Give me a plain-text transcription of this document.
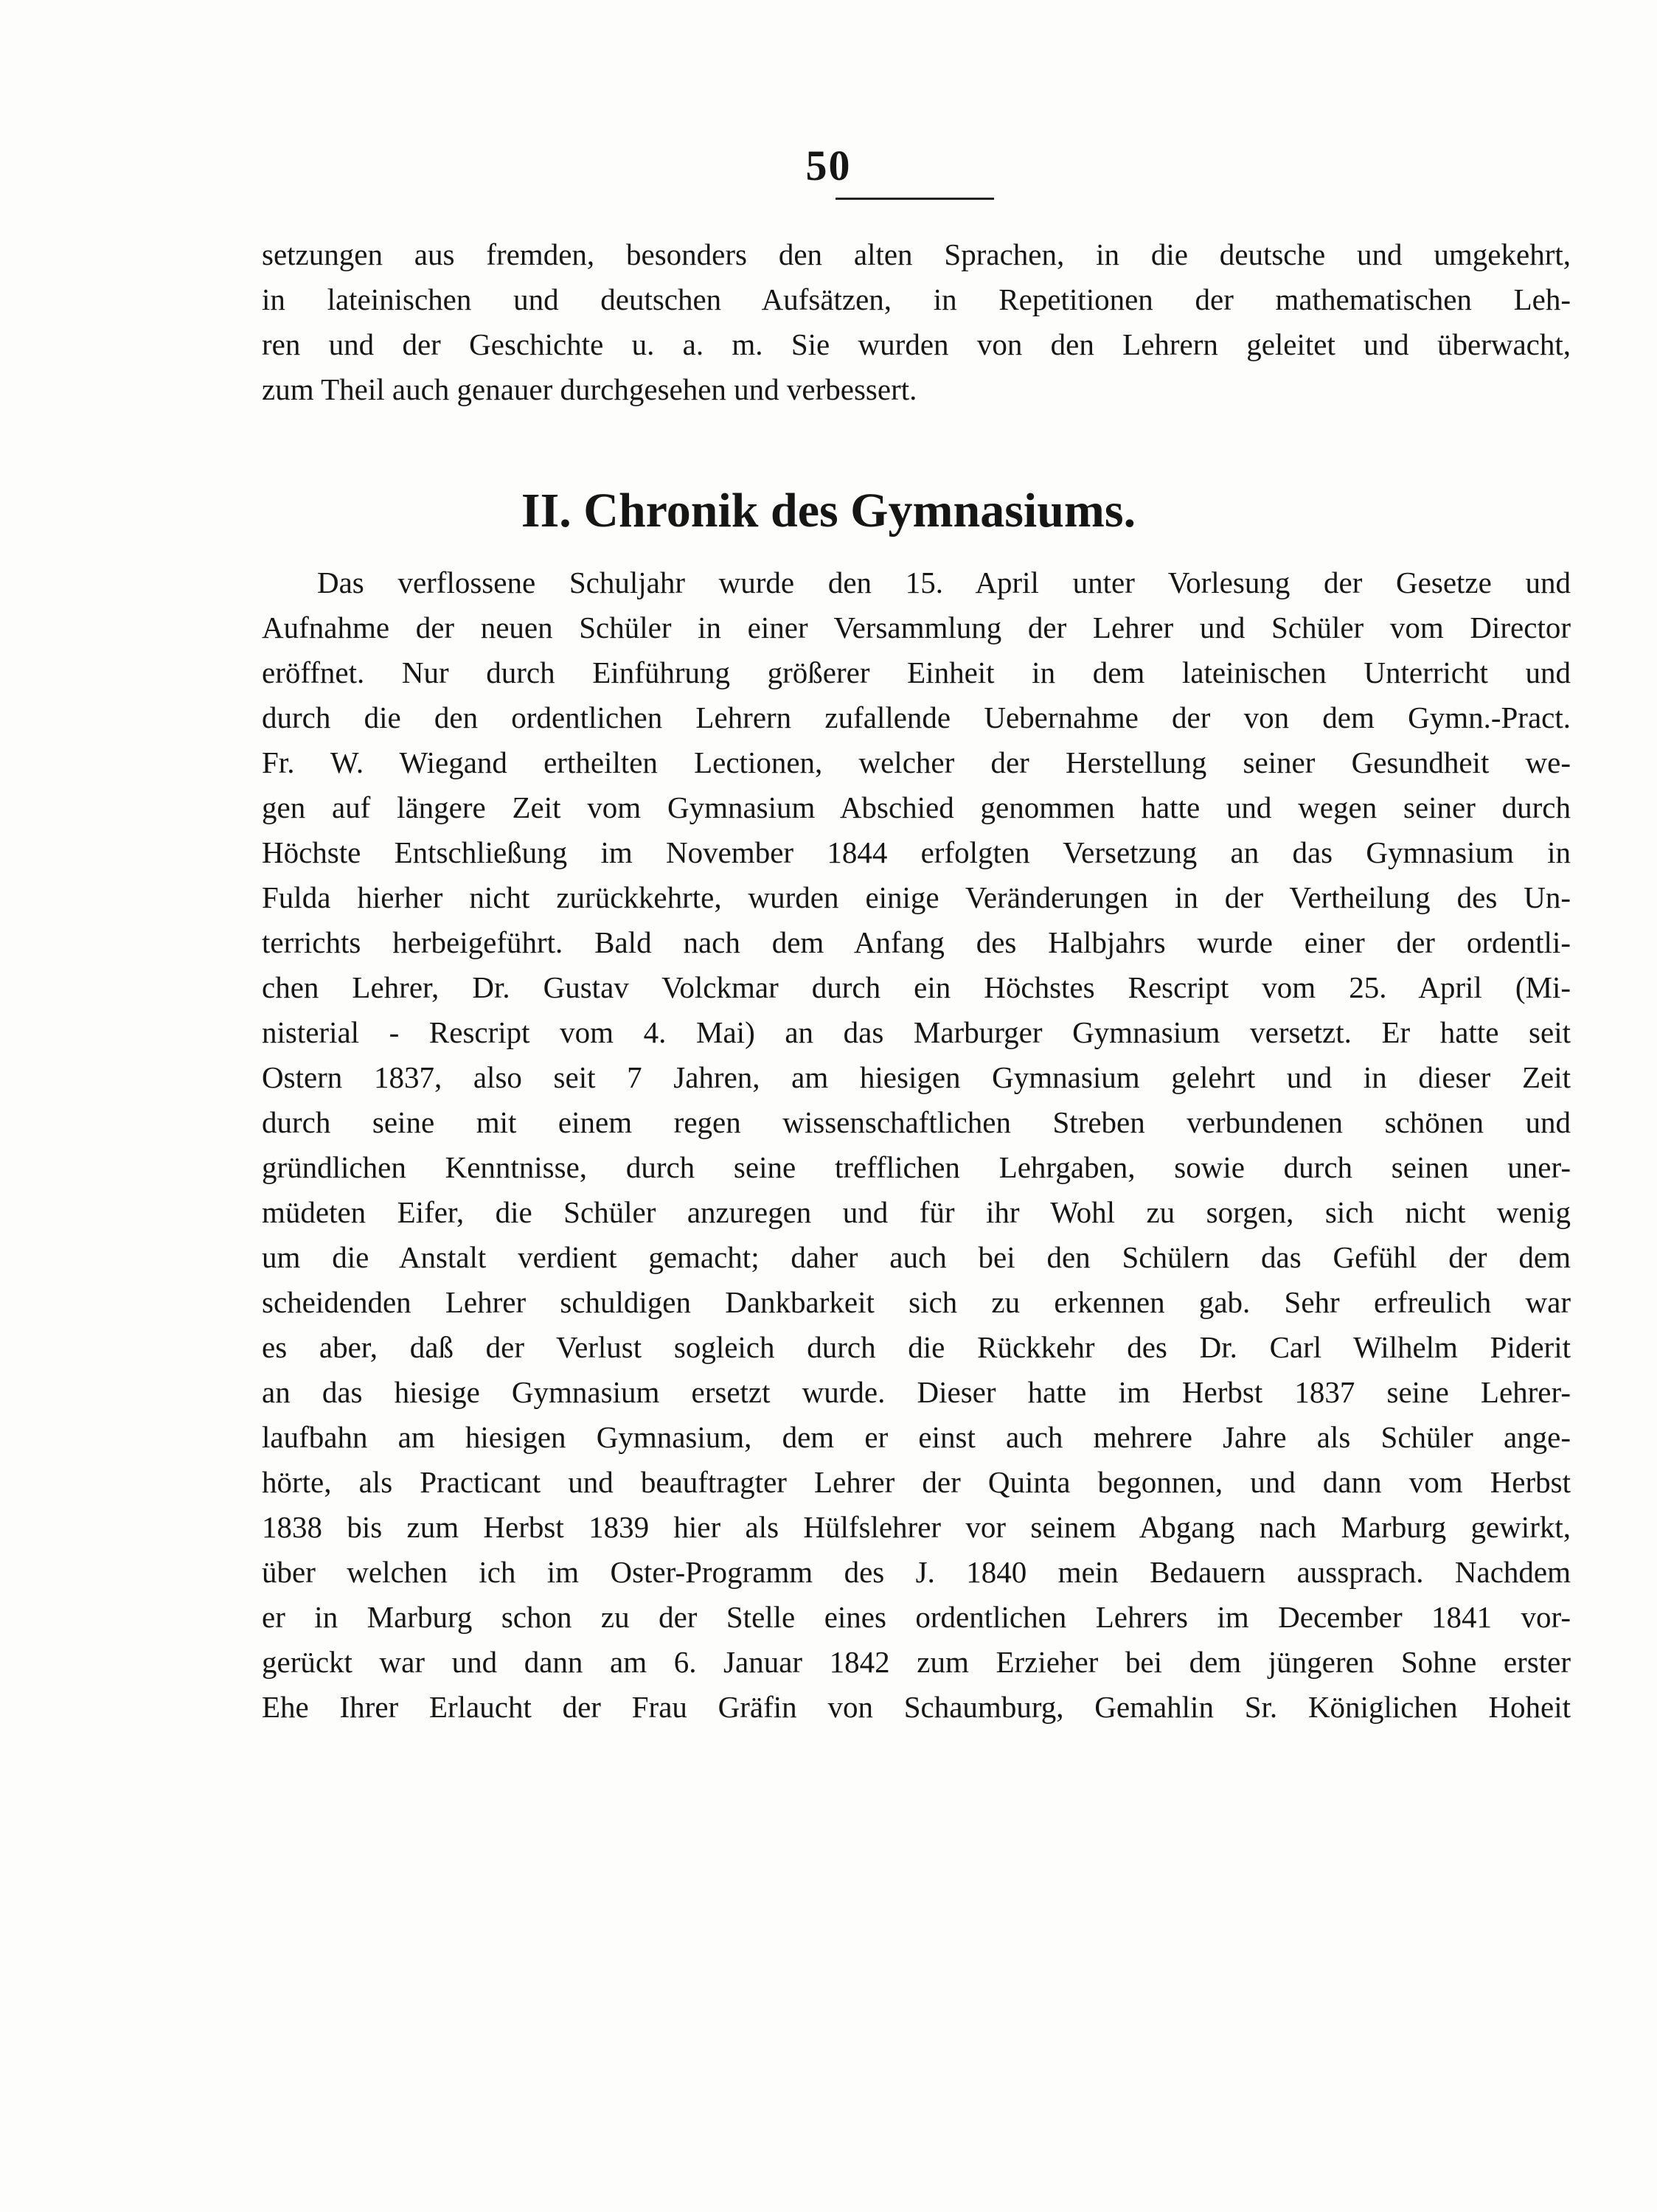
50
setzungen aus fremden, besonders den alten Sprachen, in die deutsche und umgekehrt,
in lateinischen und deutschen Aufsätzen, in Repetitionen der mathematischen Leh-
ren und der Geschichte u. a. m. Sie wurden von den Lehrern geleitet und überwacht,
zum Theil auch genauer durchgesehen und verbessert.
II. Chronik des Gymnasiums.
Das verflossene Schuljahr wurde den 15. April unter Vorlesung der Gesetze und
Aufnahme der neuen Schüler in einer Versammlung der Lehrer und Schüler vom Director
eröffnet. Nur durch Einführung größerer Einheit in dem lateinischen Unterricht und
durch die den ordentlichen Lehrern zufallende Uebernahme der von dem Gymn.-Pract.
Fr. W. Wiegand ertheilten Lectionen, welcher der Herstellung seiner Gesundheit we-
gen auf längere Zeit vom Gymnasium Abschied genommen hatte und wegen seiner durch
Höchste Entschließung im November 1844 erfolgten Versetzung an das Gymnasium in
Fulda hierher nicht zurückkehrte, wurden einige Veränderungen in der Vertheilung des Un-
terrichts herbeigeführt. Bald nach dem Anfang des Halbjahrs wurde einer der ordentli-
chen Lehrer, Dr. Gustav Volckmar durch ein Höchstes Rescript vom 25. April (Mi-
nisterial - Rescript vom 4. Mai) an das Marburger Gymnasium versetzt. Er hatte seit
Ostern 1837, also seit 7 Jahren, am hiesigen Gymnasium gelehrt und in dieser Zeit
durch seine mit einem regen wissenschaftlichen Streben verbundenen schönen und
gründlichen Kenntnisse, durch seine trefflichen Lehrgaben, sowie durch seinen uner-
müdeten Eifer, die Schüler anzuregen und für ihr Wohl zu sorgen, sich nicht wenig
um die Anstalt verdient gemacht; daher auch bei den Schülern das Gefühl der dem
scheidenden Lehrer schuldigen Dankbarkeit sich zu erkennen gab. Sehr erfreulich war
es aber, daß der Verlust sogleich durch die Rückkehr des Dr. Carl Wilhelm Piderit
an das hiesige Gymnasium ersetzt wurde. Dieser hatte im Herbst 1837 seine Lehrer-
laufbahn am hiesigen Gymnasium, dem er einst auch mehrere Jahre als Schüler ange-
hörte, als Practicant und beauftragter Lehrer der Quinta begonnen, und dann vom Herbst
1838 bis zum Herbst 1839 hier als Hülfslehrer vor seinem Abgang nach Marburg gewirkt,
über welchen ich im Oster-Programm des J. 1840 mein Bedauern aussprach. Nachdem
er in Marburg schon zu der Stelle eines ordentlichen Lehrers im December 1841 vor-
gerückt war und dann am 6. Januar 1842 zum Erzieher bei dem jüngeren Sohne erster
Ehe Ihrer Erlaucht der Frau Gräfin von Schaumburg, Gemahlin Sr. Königlichen Hoheit
